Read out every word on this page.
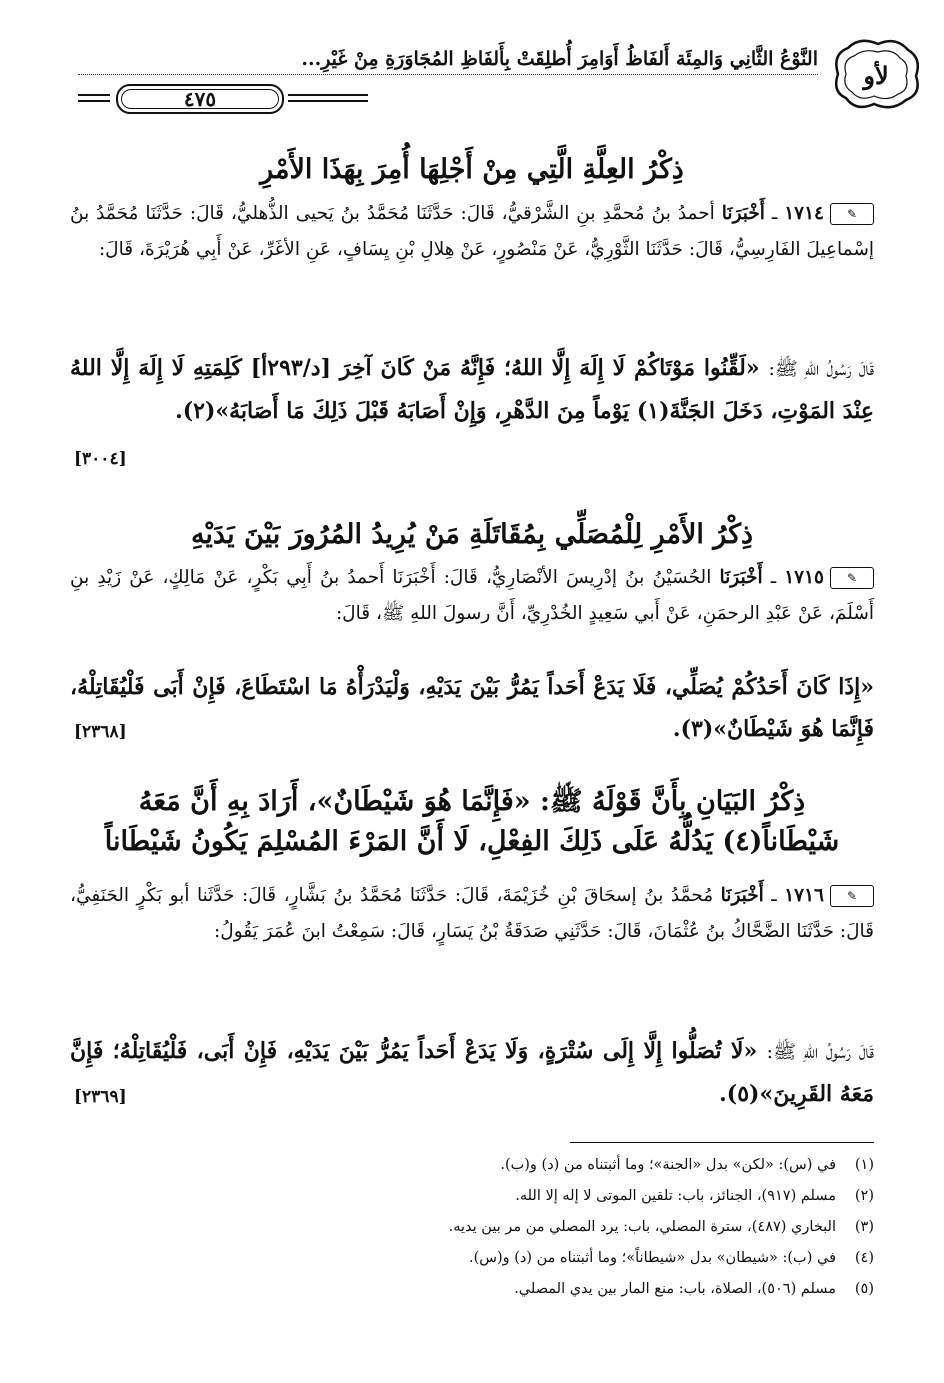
ﻷﻭ
النَّوْعُ الثَّانِي وَالمِئَة أَلفَاظُ أَوَامِرَ أُطلِقَتْ بِأَلفَاظِ المُجَاوَرَةِ مِنْ غَيْرِ...
٤٧٥
ذِكْرُ العِلَّةِ الَّتِي مِنْ أَجْلِهَا أُمِرَ بِهَذَا الأَمْرِ
✎١٧١٤ ـ أَخْبَرَنَا أحمدُ بنُ مُحمَّدِ بنِ الشَّرْقيُّ، قَالَ: حَدَّثَنَا مُحَمَّدُ بنُ يَحيى الذُّهليُّ، قَالَ: حَدَّثَنَا مُحَمَّدُ بنُ إسْماعِيلَ الفَارِسِيُّ، قَالَ: حَدَّثَنَا الثَّوْرِيُّ، عَنْ مَنْصُورٍ، عَنْ هِلالِ بْنِ يِسَافٍ، عَنِ الأغَرِّ، عَنْ أَبِي هُرَيْرَةَ، قَالَ:
قَالَ رَسُولُ اللهِ ﷺ: «لَقِّنُوا مَوْتَاكُمْ لَا إِلَهَ إِلَّا اللهُ؛ فَإِنَّهُ مَنْ كَانَ آخِرَ [د/٢٩٣أ] كَلِمَتِهِ لَا إِلَهَ إِلَّا اللهُ عِنْدَ المَوْتِ، دَخَلَ الجَنَّةَ(١) يَوْماً مِنَ الدَّهْرِ، وَإِنْ أَصَابَهُ قَبْلَ ذَلِكَ مَا أَصَابَهُ»(٢).
[٣٠٠٤]
ذِكْرُ الأَمْرِ لِلْمُصَلِّي بِمُقَاتَلَةِ مَنْ يُرِيدُ المُرُورَ بَيْنَ يَدَيْهِ
✎١٧١٥ ـ أَخْبَرَنَا الحُسَيْنُ بنُ إدْرِيسَ الأنْصَارِيُّ، قَالَ: أَخْبَرَنَا أَحمدُ بنُ أَبِي بَكْرٍ، عَنْ مَالِكٍ، عَنْ زَيْدِ بنِ أَسْلَمَ، عَنْ عَبْدِ الرحمَنِ، عَنْ أَبي سَعِيدٍ الخُدْرِيِّ، أَنَّ رسولَ اللهِ ﷺ، قَالَ:
«إِذَا كَانَ أَحَدُكُمْ يُصَلِّي، فَلَا يَدَعْ أَحَداً يَمُرُّ بَيْنَ يَدَيْهِ، وَلْيَدْرَأْهُ مَا اسْتَطَاعَ، فَإِنْ أَبَى فَلْيُقَاتِلْهُ، فَإِنَّمَا هُوَ شَيْطَانٌ»(٣).
[٢٣٦٨]
ذِكْرُ البَيَانِ بِأَنَّ قَوْلَهُ ﷺ: «فَإِنَّمَا هُوَ شَيْطَانٌ»، أَرَادَ بِهِ أَنَّ مَعَهُ شَيْطَاناً(٤) يَدُلُّهُ عَلَى ذَلِكَ الفِعْلِ، لَا أَنَّ المَرْءَ المُسْلِمَ يَكُونُ شَيْطَاناً
✎١٧١٦ ـ أَخْبَرَنَا مُحمَّدُ بنُ إسحَاقَ بْنِ خُزَيْمَةَ، قَالَ: حَدَّثَنَا مُحَمَّدُ بنُ بَشَّارٍ، قَالَ: حَدَّثَنا أبو بَكْرٍ الحَنَفِيُّ، قَالَ: حَدَّثَنَا الضَّحَّاكُ بنُ عُثْمَانَ، قَالَ: حَدَّثَنِي صَدَقَةُ بْنُ يَسَارٍ، قَالَ: سَمِعْتُ ابنَ عُمَرَ يَقُولُ:
قَالَ رَسُولُ اللهِ ﷺ: «لَا تُصَلُّوا إِلَّا إِلَى سُتْرَةٍ، وَلَا يَدَعْ أَحَداً يَمُرُّ بَيْنَ يَدَيْهِ، فَإِنْ أَبَى، فَلْيُقَاتِلْهُ؛ فَإِنَّ مَعَهُ القَرِينَ»(٥).
[٢٣٦٩]
(١)
في (س): «لكن» بدل «الجنة»؛ وما أثبتناه من (د) و(ب).
(٢)
مسلم (٩١٧)، الجنائز، باب: تلقين الموتى لا إله إلا الله.
(٣)
البخاري (٤٨٧)، سترة المصلي، باب: يرد المصلي من مر بين يديه.
(٤)
في (ب): «شيطان» بدل «شيطاناً»؛ وما أثبتناه من (د) و(س).
(٥)
مسلم (٥٠٦)، الصلاة، باب: منع المار بين يدي المصلي.
